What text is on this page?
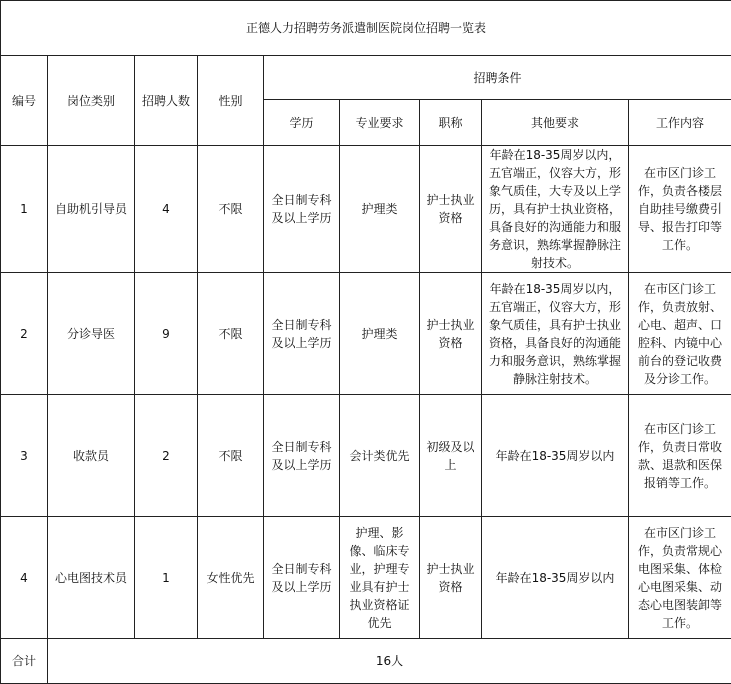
正德人力招聘劳务派遣制医院岗位招聘一览表								
编号	岗位类别	招聘人数	性别	招聘条件				
				学历	专业要求	职称	其他要求	工作内容
1	自助机引导员	4	不限	全日制专科及以上学历	护理类	护士执业资格	年龄在18-35周岁以内，五官端正，仪容大方，形象气质佳，大专及以上学历，具有护士执业资格，具备良好的沟通能力和服务意识，熟练掌握静脉注射技术。	在市区门诊工作，负责各楼层自助挂号缴费引导、报告打印等工作。
2	分诊导医	9	不限	全日制专科及以上学历	护理类	护士执业资格	年龄在18-35周岁以内，五官端正，仪容大方，形象气质佳，具有护士执业资格，具备良好的沟通能力和服务意识，熟练掌握静脉注射技术。	在市区门诊工作，负责放射、心电、超声、口腔科、内镜中心前台的登记收费及分诊工作。
3	收款员	2	不限	全日制专科及以上学历	会计类优先	初级及以上	年龄在18-35周岁以内	在市区门诊工作，负责日常收款、退款和医保报销等工作。
4	心电图技术员	1	女性优先	全日制专科及以上学历	护理、影像、临床专业，护理专业具有护士执业资格证优先	护士执业资格	年龄在18-35周岁以内	在市区门诊工作，负责常规心电图采集、体检心电图采集、动态心电图装卸等工作。
合计	16人							
